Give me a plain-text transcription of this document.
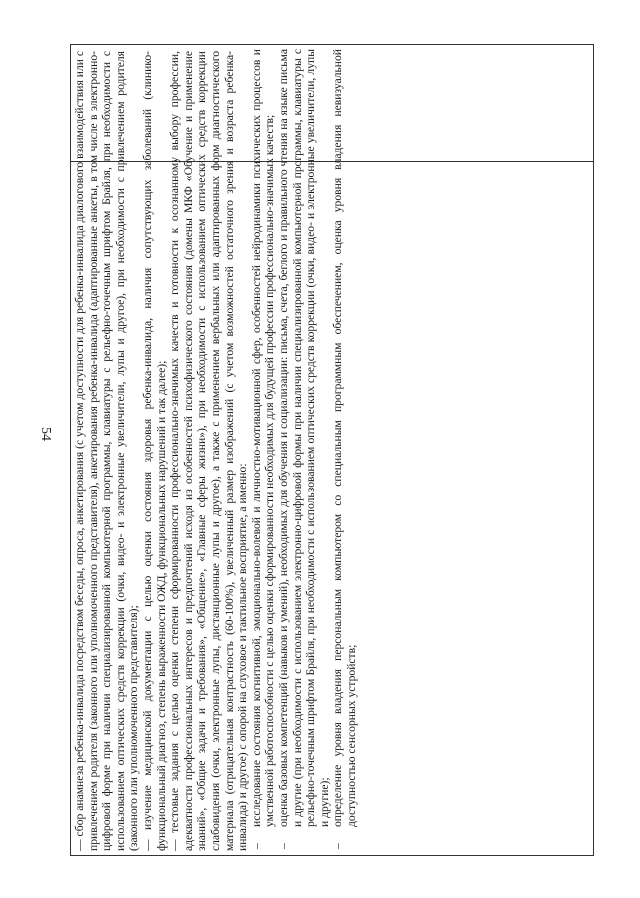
54 — сбор анамнеза ребенка-инвалида посредством беседы, опроса, анкетирования (с учетом доступности для ребенка-инвалида диалогового взаимодействия или с привлечением родителя (законного или уполномоченного представителя), анкетирования ребенка-инвалида (адаптированные анкеты, в том числе в электронно-цифровой форме при наличии специализированной компьютерной программы, клавиатуры с рельефно-точечным шрифтом Брайля, при необходимости с использованием оптических средств коррекции (очки, видео- и электронные увеличители, лупы и другое), при необходимости с привлечением родителя (законного или уполномоченного представителя); — изучение медицинской документации с целью оценки состояния здоровья ребенка-инвалида, наличия сопутствующих заболеваний (клинико-функциональный диагноз, степень выраженности ОЖД, функциональных нарушений и так далее); — тестовые задания с целью оценки степени сформированности профессионально-значимых качеств и готовности к осознанному выбору профессии, адекватности профессиональных интересов и предпочтений исходя из особенностей психофизического состояния (домены МКФ «Обучение и применение знаний», «Общие задачи и требования», «Общение», «Главные сферы жизни»), при необходимости с использованием оптических средств коррекции слабовидения (очки, электронные лупы, дистанционные лупы и другое), а также с применением вербальных или адаптированных форм диагностического материала (отрицательная контрастность (60-100%), увеличенный размер изображений (с учетом возможностей остаточного зрения и возраста ребенка-инвалида) и другое) с опорой на слуховое и тактильное восприятие, а именно: –
исследование состояния когнитивной, эмоционально-волевой и личностно-мотивационной сфер, особенностей нейродинамики психических процессов и умственной работоспособности с целью оценки сформированности необходимых для будущей профессии профессионально-значимых качеств;
–
оценка базовых компетенций (навыков и умений), необходимых для обучения и социализации: письма, счета, беглого и правильного чтения на языке письма и другие (при необходимости с использованием электронно-цифровой формы при наличии специализированной компьютерной программы, клавиатуры с рельефно-точечным шрифтом Брайля, при необходимости с использованием оптических средств коррекции (очки, видео- и электронные увеличители, лупы и другие);
–
определение уровня владения персональным компьютером со специальным программным обеспечением, оценка уровня владения невизуальной доступностью сенсорных устройств;
